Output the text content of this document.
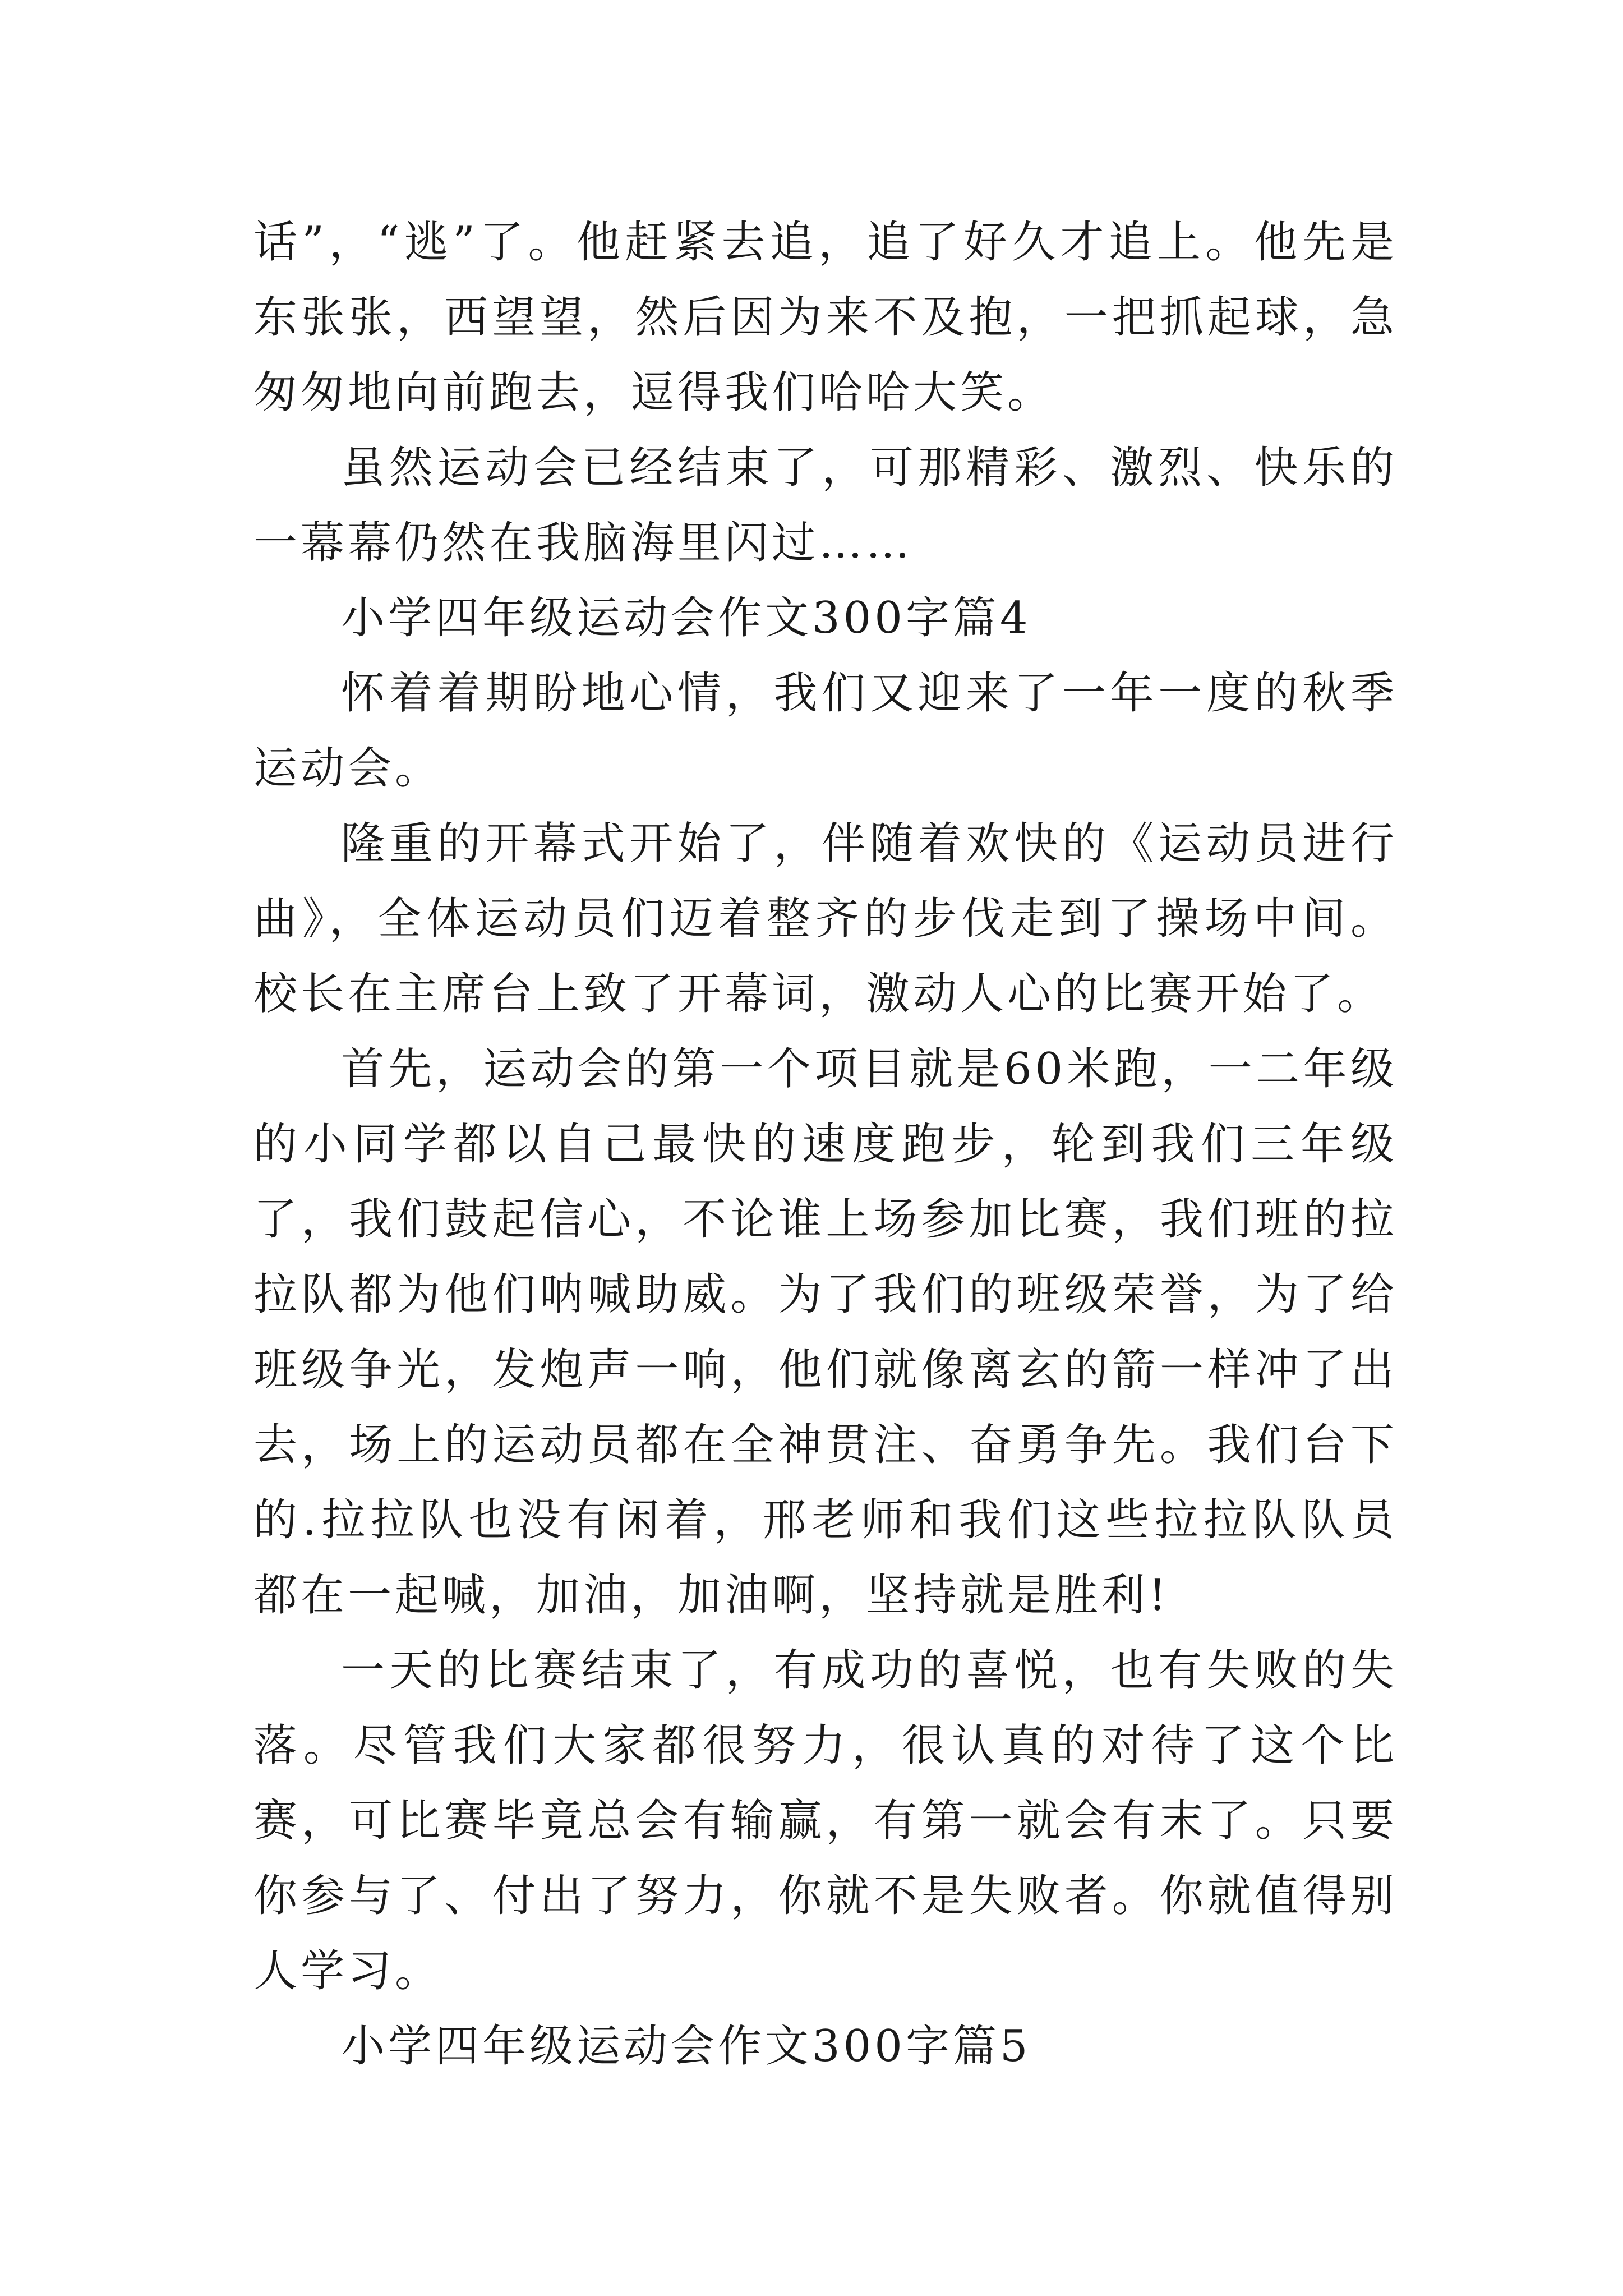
话”，“逃”了。他赶紧去追，追了好久才追上。他先是东张张，西望望，然后因为来不及抱，一把抓起球，急匆匆地向前跑去，逗得我们哈哈大笑。

虽然运动会已经结束了，可那精彩、激烈、快乐的一幕幕仍然在我脑海里闪过……

小学四年级运动会作文300字篇4

怀着着期盼地心情，我们又迎来了一年一度的秋季运动会。

隆重的开幕式开始了，伴随着欢快的《运动员进行曲》，全体运动员们迈着整齐的步伐走到了操场中间。校长在主席台上致了开幕词，激动人心的比赛开始了。

首先，运动会的第一个项目就是60米跑，一二年级的小同学都以自己最快的速度跑步，轮到我们三年级了，我们鼓起信心，不论谁上场参加比赛，我们班的拉拉队都为他们呐喊助威。为了我们的班级荣誉，为了给班级争光，发炮声一响，他们就像离玄的箭一样冲了出去，场上的运动员都在全神贯注、奋勇争先。我们台下的.拉拉队也没有闲着，邢老师和我们这些拉拉队队员都在一起喊，加油，加油啊，坚持就是胜利!

一天的比赛结束了，有成功的喜悦，也有失败的失落。尽管我们大家都很努力，很认真的对待了这个比赛，可比赛毕竟总会有输赢，有第一就会有末了。只要你参与了、付出了努力，你就不是失败者。你就值得别人学习。

小学四年级运动会作文300字篇5
